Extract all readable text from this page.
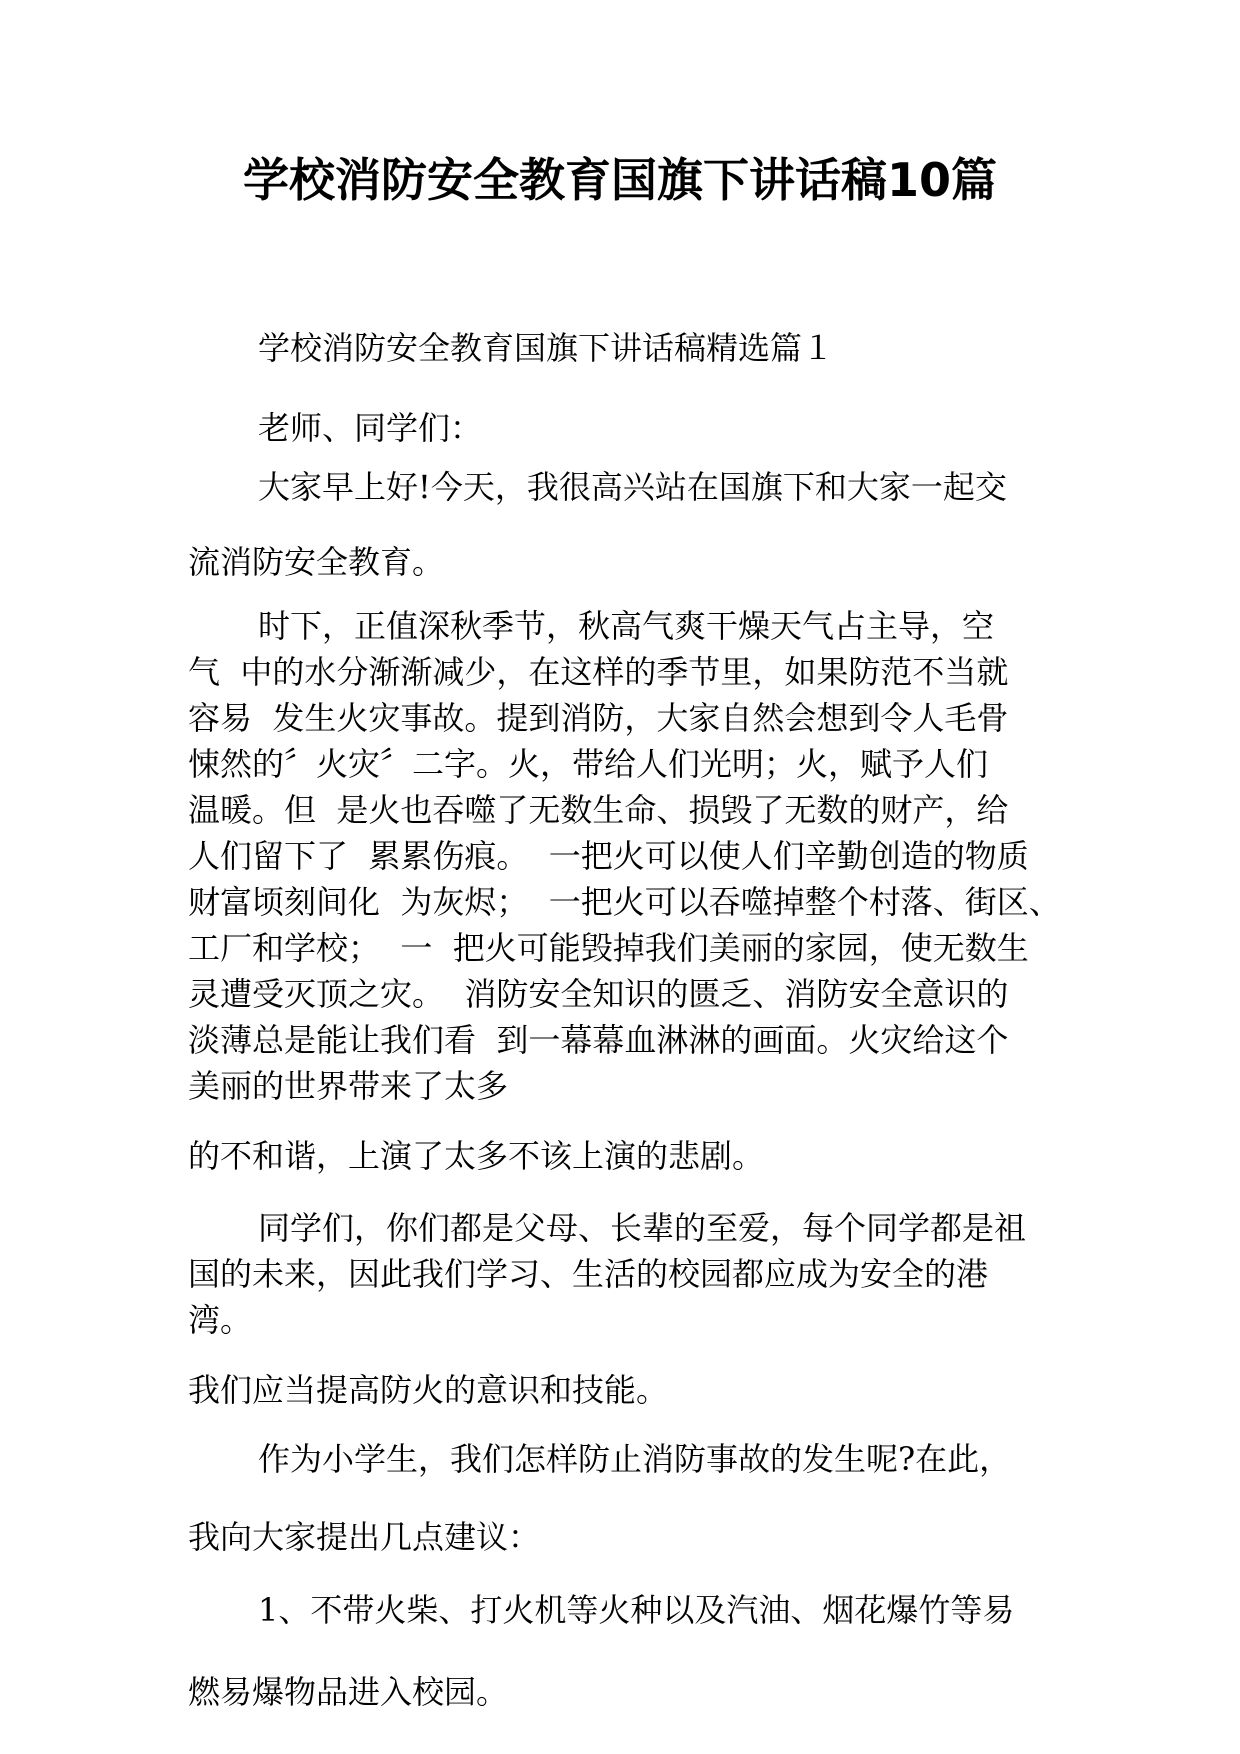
学校消防安全教育国旗下讲话稿10篇

学校消防安全教育国旗下讲话稿精选篇１

老师、同学们：

大家早上好!今天，我很高兴站在国旗下和大家一起交

流消防安全教育。

时下，正值深秋季节，秋高气爽干燥天气占主导，空

气  中的水分渐渐减少，在这样的季节里，如果防范不当就

容易  发生火灾事故。提到消防，大家自然会想到令人毛骨

悚然的〞火灾〞二字。火，带给人们光明；火，赋予人们

温暖。但  是火也吞噬了无数生命、损毁了无数的财产，给

人们留下了  累累伤痕。  一把火可以使人们辛勤创造的物质

财富顷刻间化  为灰烬；  一把火可以吞噬掉整个村落、街区、

工厂和学校；  一  把火可能毁掉我们美丽的家园，使无数生

灵遭受灭顶之灾。  消防安全知识的匮乏、消防安全意识的

淡薄总是能让我们看  到一幕幕血淋淋的画面。火灾给这个

美丽的世界带来了太多

的不和谐，上演了太多不该上演的悲剧。

同学们，你们都是父母、长辈的至爱，每个同学都是祖

国的未来，因此我们学习、生活的校园都应成为安全的港

湾。

我们应当提高防火的意识和技能。

作为小学生，我们怎样防止消防事故的发生呢?在此，

我向大家提出几点建议：

1、不带火柴、打火机等火种以及汽油、烟花爆竹等易

燃易爆物品进入校园。
